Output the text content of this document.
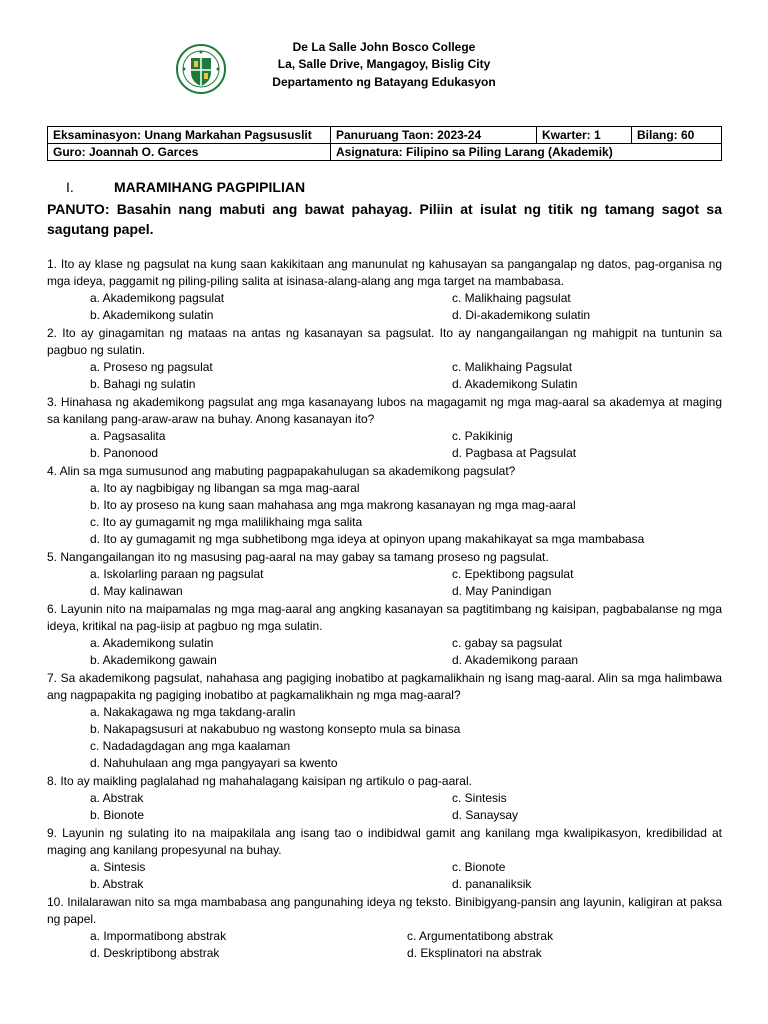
De La Salle John Bosco College
La, Salle Drive, Mangagoy, Bislig City
Departamento ng Batayang Edukasyon
Eksaminasyon: Unang Markahan Pagsususlit	Panuruang Taon: 2023-24	Kwarter: 1	Bilang: 60
Guro: Joannah O. Garces	Asignatura: Filipino sa Piling Larang (Akademik)		
I.	MARAMIHANG PAGPIPILIAN
PANUTO: Basahin nang mabuti ang bawat pahayag. Piliin at isulat ng titik ng tamang sagot sa sagutang papel.
1. Ito ay klase ng pagsulat na kung saan kakikitaan ang manunulat ng kahusayan sa pangangalap ng datos, pag-organisa ng mga ideya, paggamit ng piling-piling salita at isinasa-alang-alang ang mga target na mambabasa.
a. Akademikong pagsulat	c. Malikhaing pagsulat
b. Akademikong sulatin	d. Di-akademikong sulatin
2. Ito ay ginagamitan ng mataas na antas ng kasanayan sa pagsulat. Ito ay nangangailangan ng mahigpit na tuntunin sa pagbuo ng sulatin.
a. Proseso ng pagsulat	c. Malikhaing Pagsulat
b. Bahagi ng sulatin	d. Akademikong Sulatin
3. Hinahasa ng akademikong pagsulat ang mga kasanayang lubos na magagamit ng mga mag-aaral sa akademya at maging sa kanilang pang-araw-araw na buhay. Anong kasanayan ito?
a. Pagsasalita	c. Pakikinig
b. Panonood	d. Pagbasa at Pagsulat
4. Alin sa mga sumusunod ang mabuting pagpapakahulugan sa akademikong pagsulat?
a. Ito ay nagbibigay ng libangan sa mga mag-aaral
b. Ito ay proseso na kung saan mahahasa ang mga makrong kasanayan ng mga mag-aaral
c. Ito ay gumagamit ng mga malilikhaing mga salita
d. Ito ay gumagamit ng mga subhetibong mga ideya at opinyon upang makahikayat sa mga mambabasa
5. Nangangailangan ito ng masusing pag-aaral na may gabay sa tamang proseso ng pagsulat.
a. Iskolarling paraan ng pagsulat	c. Epektibong pagsulat
d. May kalinawan	d. May Panindigan
6. Layunin nito na maipamalas ng mga mag-aaral ang angking kasanayan sa pagtitimbang ng kaisipan, pagbabalanse ng mga ideya, kritikal na pag-iisip at pagbuo ng mga sulatin.
a. Akademikong sulatin	c. gabay sa pagsulat
b. Akademikong gawain	d. Akademikong paraan
7. Sa akademikong pagsulat, nahahasa ang pagiging inobatibo at pagkamalikhain ng isang mag-aaral. Alin sa mga halimbawa ang nagpapakita ng pagiging inobatibo at pagkamalikhain ng mga mag-aaral?
a. Nakakagawa ng mga takdang-aralin
b. Nakapagsusuri at nakabubuo ng wastong konsepto mula sa binasa
c. Nadadagdagan ang mga kaalaman
d. Nahuhulaan ang mga pangyayari sa kwento
8. Ito ay maikling paglalahad ng mahahalagang kaisipan ng artikulo o pag-aaral.
a. Abstrak	c. Sintesis
b. Bionote	d. Sanaysay
9. Layunin ng sulating ito na maipakilala ang isang tao o indibidwal gamit ang kanilang mga kwalipikasyon, kredibilidad at maging ang kanilang propesyunal na buhay.
a. Sintesis	c. Bionote
b. Abstrak	d. pananaliksik
10. Inilalarawan nito sa mga mambabasa ang pangunahing ideya ng teksto. Binibigyang-pansin ang layunin, kaligiran at paksa ng papel.
a. Impormatibong abstrak	c. Argumentatibong abstrak
d. Deskriptibong abstrak	d. Eksplinatori na abstrak
